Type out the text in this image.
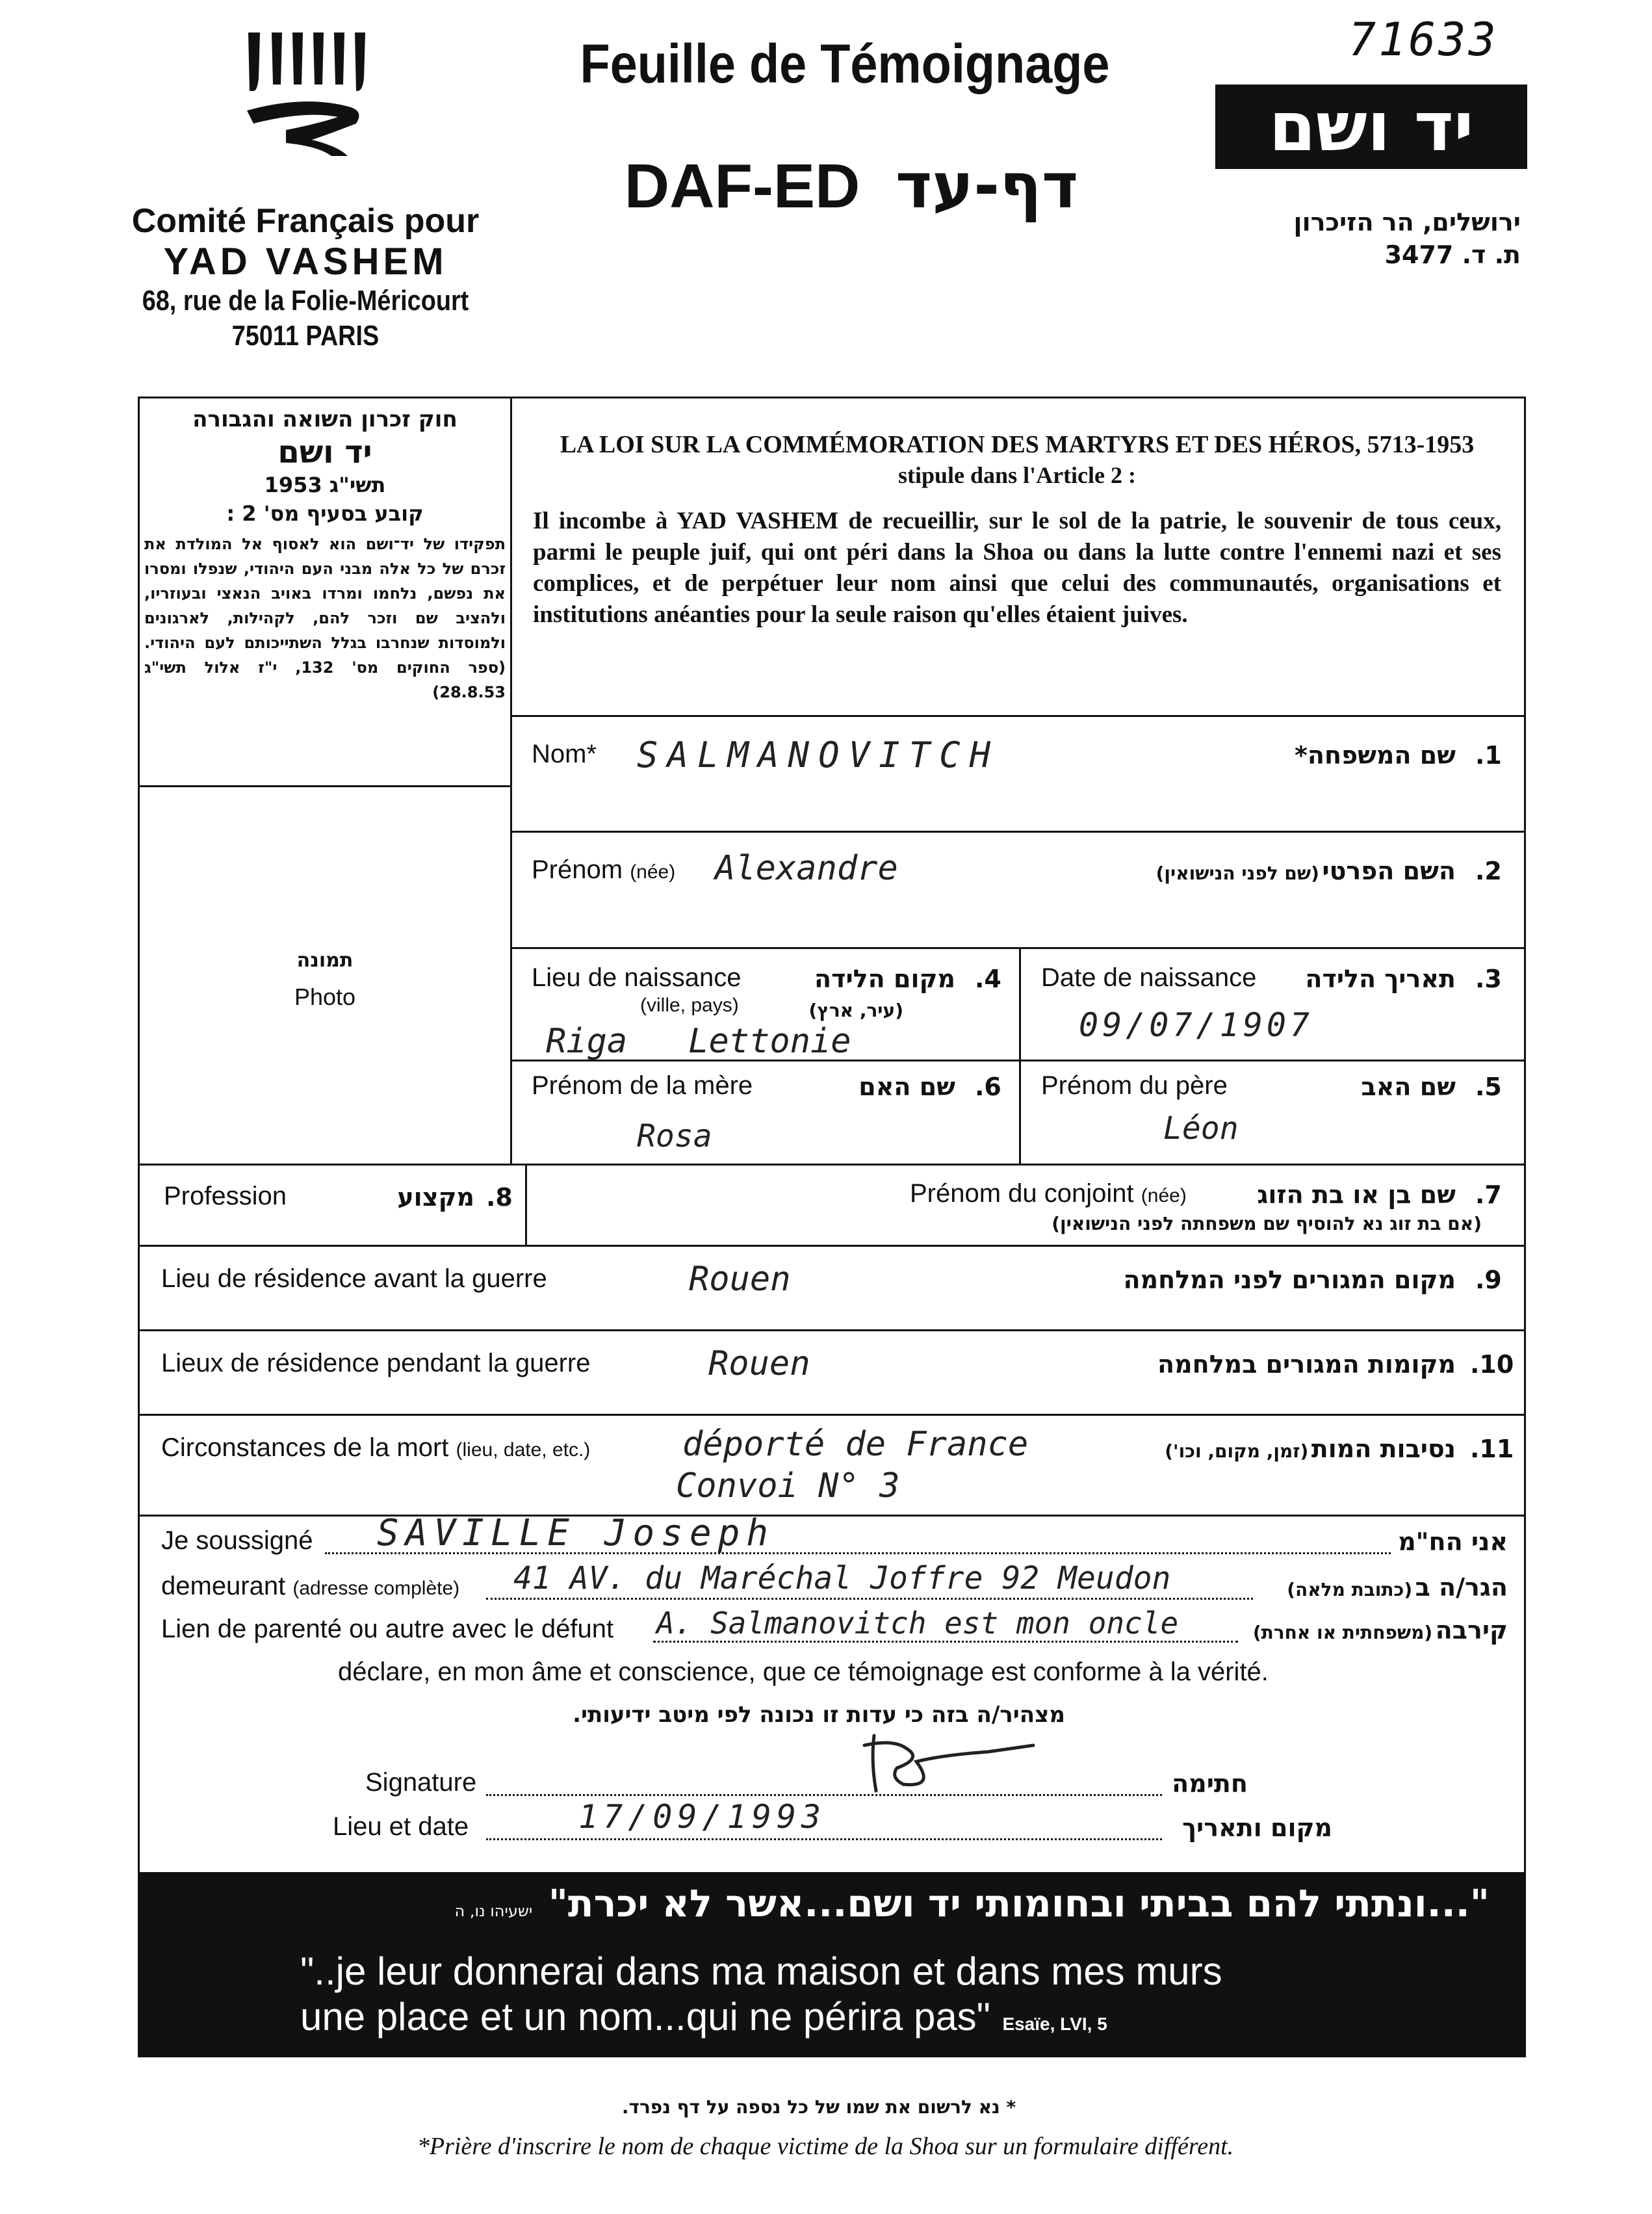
71633
Comité Français pour
YAD VASHEM
68, rue de la Folie-Méricourt
75011 PARIS
Feuille de Témoignage
DAF-ED דף-עד
יד ושם
ירושלים, הר הזיכרון
ת. ד. 3477
חוק זכרון השואה והגבורה
יד ושם
תשי"ג 1953
קובע בסעיף מס' 2 :
תפקידו של יד־ושם הוא לאסוף אל המולדת את זכרם של כל אלה מבני העם היהודי, שנפלו ומסרו את נפשם, נלחמו ומרדו באויב הנאצי ובעוזריו, ולהציב שם וזכר להם, לקהילות, לארגונים ולמוסדות שנחרבו בגלל השתייכותם לעם היהודי. (ספר החוקים מס' 132, י"ז אלול תשי"ג 28.8.53)
תמונה
Photo
LA LOI SUR LA COMMÉMORATION DES MARTYRS ET DES HÉROS, 5713-1953
stipule dans l'Article 2 :
Il incombe à YAD VASHEM de recueillir, sur le sol de la patrie, le souvenir de tous ceux, parmi le peuple juif, qui ont péri dans la Shoa ou dans la lutte contre l'ennemi nazi et ses complices, et de perpétuer leur nom ainsi que celui des communautés, organisations et institutions anéanties pour la seule raison qu'elles étaient juives.
Nom* SALMANOVITCH	שם המשפחה* .1
Prénom (née) Alexandre	(שם לפני הנישואין) השם הפרטי .2
Lieu de naissance
(ville, pays)
מקום הלידה
(עיר, ארץ)
.4
Riga   Lettonie
Date de naissance	תאריך הלידה .3
09/07/1907
Prénom de la mère	שם האם .6
Rosa
Prénom du père	שם האב .5
Léon
Profession	מקצוע .8	Prénom du conjoint (née)	שם בן או בת הזוג .7
(אם בת זוג נא להוסיף שם משפחתה לפני הנישואין)
Lieu de résidence avant la guerre	Rouen	מקום המגורים לפני המלחמה .9
Lieux de résidence pendant la guerre	Rouen	מקומות המגורים במלחמה .10
Circonstances de la mort (lieu, date, etc.)	déporté de France
Convoi N° 3
(זמן, מקום, וכו') נסיבות המות .11
Je soussigné SAVILLE Joseph	אני הח"מ
demeurant (adresse complète) 41 AV. du Maréchal Joffre 92 Meudon	(כתובת מלאה) הגר/ה ב
Lien de parenté ou autre avec le défunt A. Salmanovitch est mon oncle	(משפחתית או אחרת) קירבה
déclare, en mon âme et conscience, que ce témoignage est conforme à la vérité.
מצהיר/ה בזה כי עדות זו נכונה לפי מיטב ידיעותי.
Signature	חתימה
Lieu et date	17/09/1993	מקום ותאריך
ישעיהו נו, ה "...ונתתי להם בביתי ובחומותי יד ושם...אשר לא יכרת"
"..je leur donnerai dans ma maison et dans mes murs
une place et un nom...qui ne périra pas" Esaïe, LVI, 5
* נא לרשום את שמו של כל נספה על דף נפרד.
*Prière d'inscrire le nom de chaque victime de la Shoa sur un formulaire différent.
